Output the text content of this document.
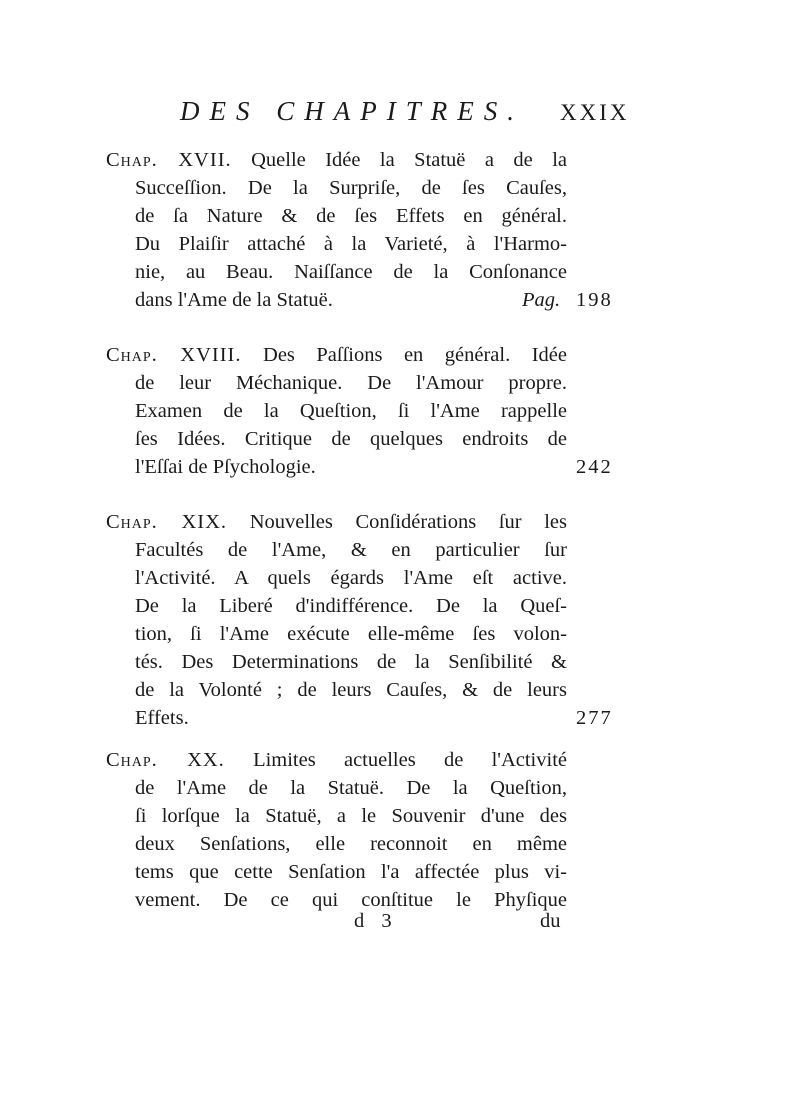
DES CHAPITRES. XXIX
Chap. XVII. Quelle Idée la Statuë a de la
Succeſſion. De la Surpriſe, de ſes Cauſes,
de ſa Nature & de ſes Effets en général.
Du Plaiſir attaché à la Varieté, à l'Harmo-
nie, au Beau. Naiſſance de la Conſonance
dans l'Ame de la Statuë.	Pag. 198
Chap. XVIII. Des Paſſions en général. Idée
de leur Méchanique. De l'Amour propre.
Examen de la Queſtion, ſi l'Ame rappelle
ſes Idées. Critique de quelques endroits de
l'Eſſai de Pſychologie.	242
Chap. XIX. Nouvelles Conſidérations ſur les
Facultés de l'Ame, & en particulier ſur
l'Activité. A quels égards l'Ame eſt active.
De la Liberé d'indifférence. De la Queſ-
tion, ſi l'Ame exécute elle-même ſes volon-
tés. Des Determinations de la Senſibilité &
de la Volonté ; de leurs Cauſes, & de leurs
Effets.	277
Chap. XX. Limites actuelles de l'Activité
de l'Ame de la Statuë. De la Queſtion,
ſi lorſque la Statuë, a le Souvenir d'une des
deux Senſations, elle reconnoit en même
tems que cette Senſation l'a affectée plus vi-
vement. De ce qui conſtitue le Phyſique
d 3	du
